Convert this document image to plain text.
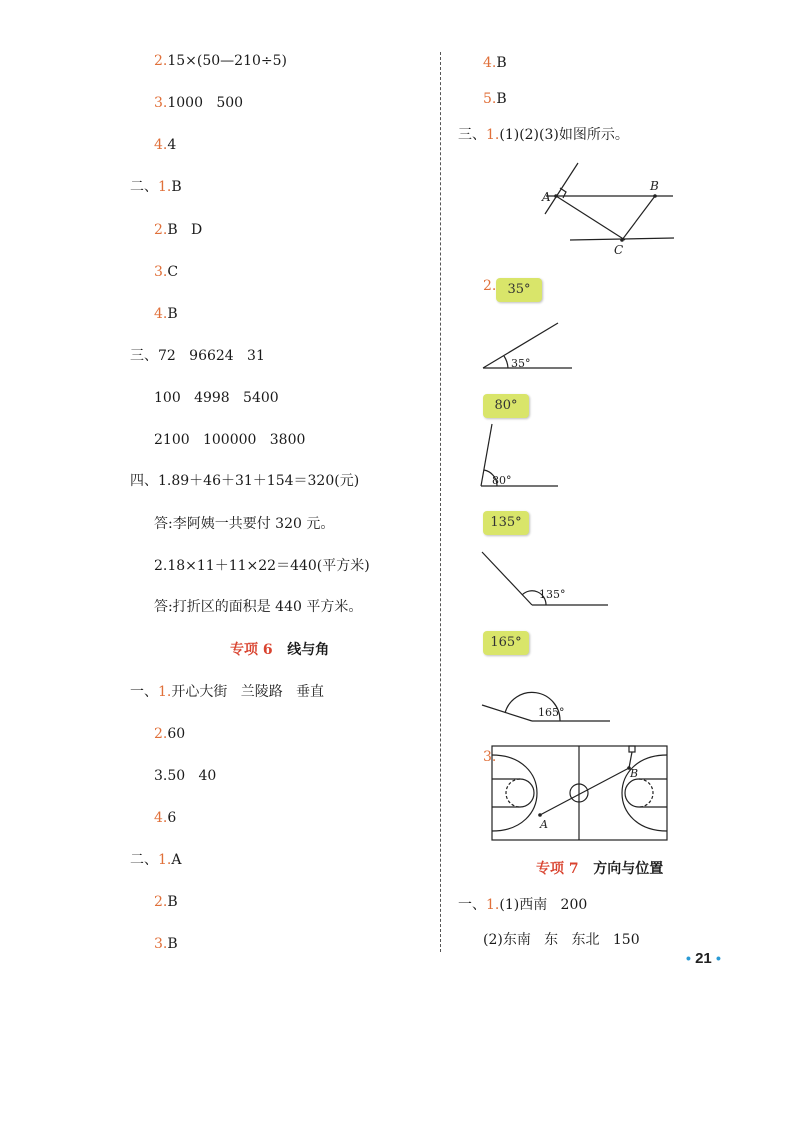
2.15×(50—210÷5)
3.1000   500
4.4
二、1.B
2.B   D
3.C
4.B
三、72   96624   31
100   4998   5400
2100   100000   3800
四、1.89＋46＋31＋154＝320(元)
答:李阿姨一共要付 320 元。
2.18×11＋11×22＝440(平方米)
答:打折区的面积是 440 平方米。
专项 6 线与角
一、1.开心大街   兰陵路   垂直
2.60
3.50   40
4.6
二、1.A
2.B
3.B
4.B
5.B
三、1.(1)(2)(3)如图所示。
A
B
C
2. 35°
80°
135°
165°
35°
80°
135°
165°
3.
A
B
专项 7 方向与位置
一、1.(1)西南   200
(2)东南   东   东北   150
• 21 •
